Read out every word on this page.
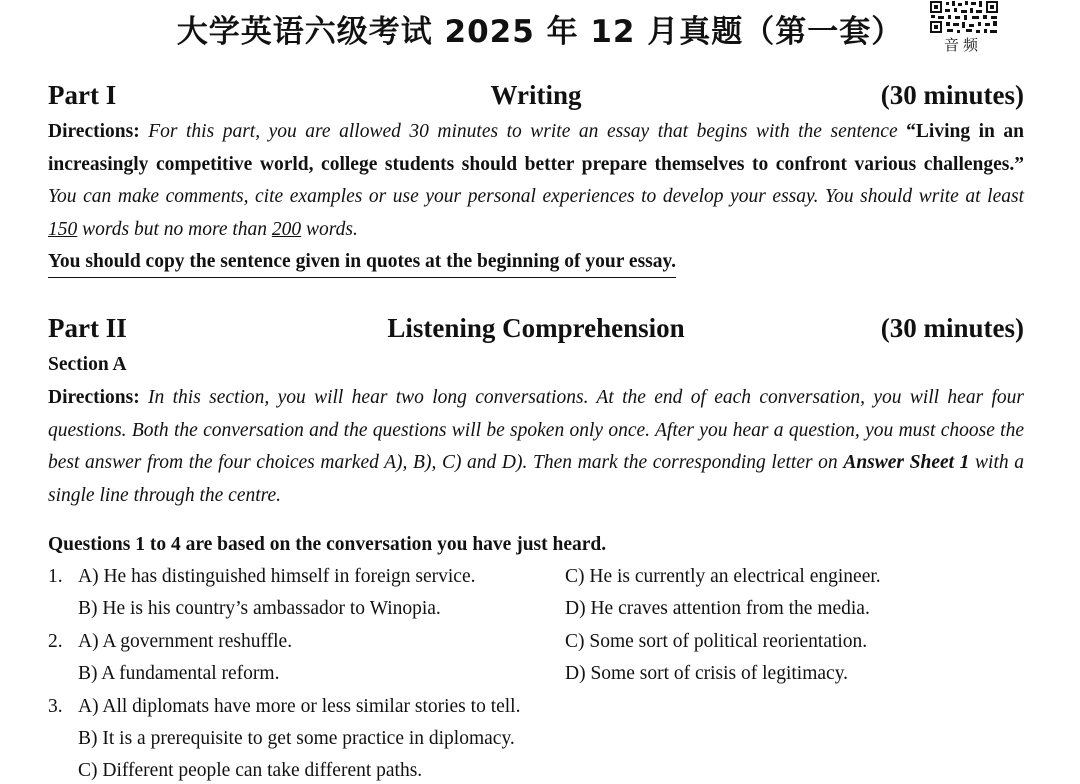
大学英语六级考试 2025 年 12 月真题（第一套）	音频
Writing
Part I	(30 minutes)
Directions: For this part, you are allowed 30 minutes to write an essay that begins with the sentence “Living in an increasingly competitive world, college students should better prepare themselves to confront various challenges.” You can make comments, cite examples or use your personal experiences to develop your essay. You should write at least 150 words but no more than 200 words.
You should copy the sentence given in quotes at the beginning of your essay.
Listening Comprehension
Part II	(30 minutes)
Section A
Directions: In this section, you will hear two long conversations. At the end of each conversation, you will hear four questions. Both the conversation and the questions will be spoken only once. After you hear a question, you must choose the best answer from the four choices marked A), B), C) and D). Then mark the corresponding letter on Answer Sheet 1 with a single line through the centre.
Questions 1 to 4 are based on the conversation you have just heard.
1. A) He has distinguished himself in foreign service.	C) He is currently an electrical engineer.
B) He is his country’s ambassador to Winopia.	D) He craves attention from the media.
2. A) A government reshuffle.	C) Some sort of political reorientation.
B) A fundamental reform.	D) Some sort of crisis of legitimacy.
3. A) All diplomats have more or less similar stories to tell.
B) It is a prerequisite to get some practice in diplomacy.
C) Different people can take different paths.
